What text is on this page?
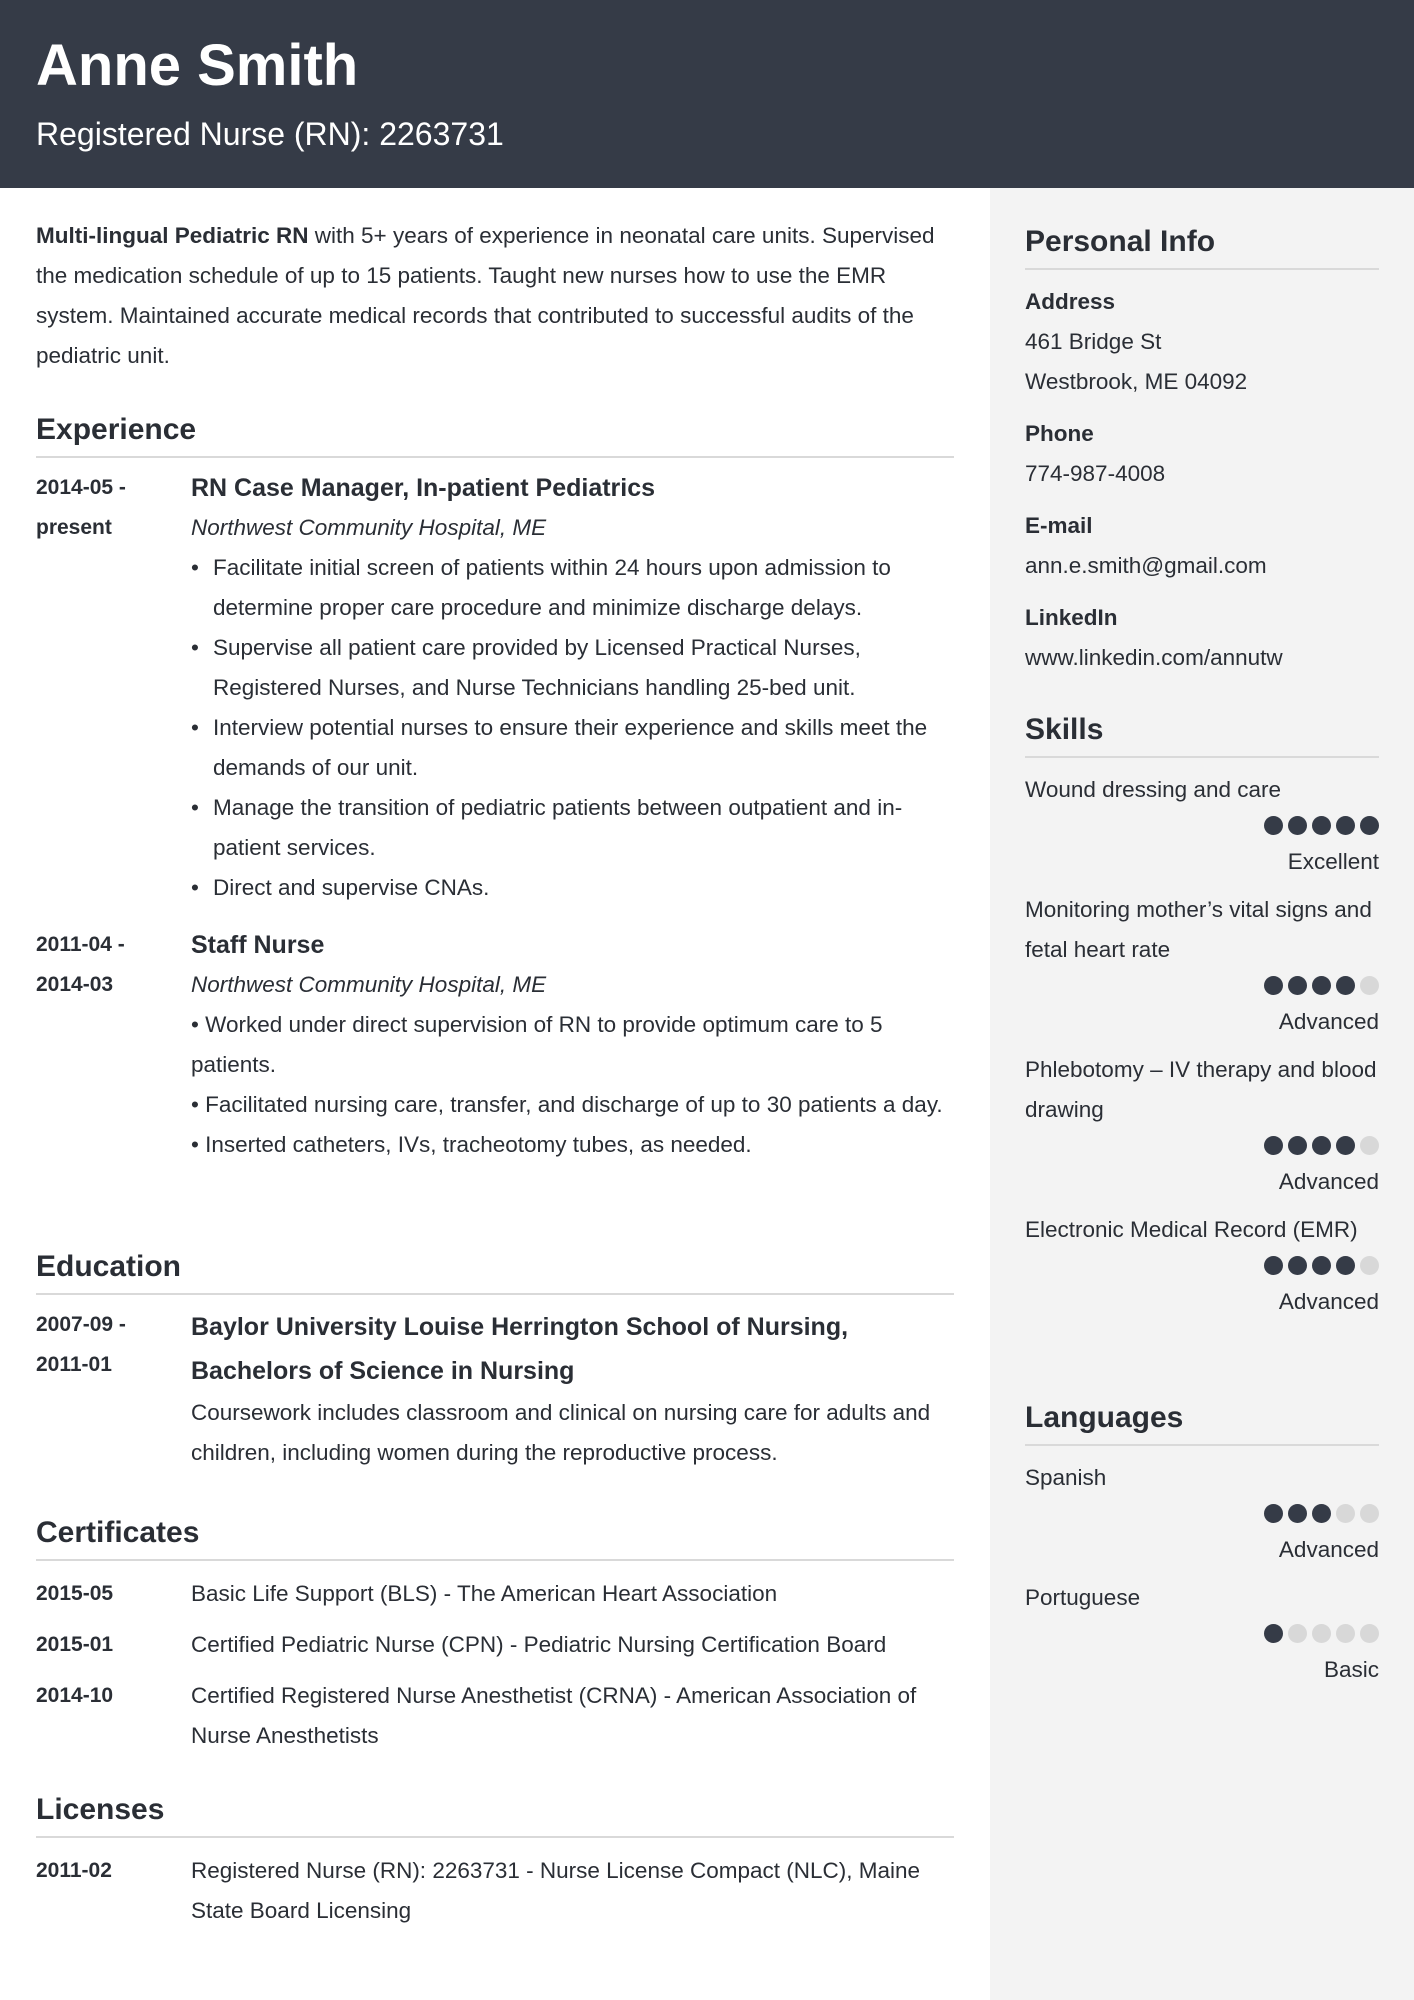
Anne Smith
Registered Nurse (RN): 2263731
Personal Info
Address
461 Bridge St
Westbrook, ME 04092
Phone
774-987-4008
E-mail
ann.e.smith@gmail.com
LinkedIn
www.linkedin.com/annutw
Skills
Wound dressing and care
Excellent
Monitoring mother’s vital signs and fetal heart rate
Advanced
Phlebotomy – IV therapy and blood drawing
Advanced
Electronic Medical Record (EMR)
Advanced
Languages
Spanish
Advanced
Portuguese
Basic
Multi-lingual Pediatric RN with 5+ years of experience in neonatal care units. Supervised the medication schedule of up to 15 patients. Taught new nurses how to use the EMR system. Maintained accurate medical records that contributed to successful audits of the pediatric unit.
Experience
2014-05 - present
RN Case Manager, In-patient Pediatrics
Northwest Community Hospital, ME
• Facilitate initial screen of patients within 24 hours upon admission to determine proper care procedure and minimize discharge delays.
• Supervise all patient care provided by Licensed Practical Nurses, Registered Nurses, and Nurse Technicians handling 25-bed unit.
• Interview potential nurses to ensure their experience and skills meet the demands of our unit.
• Manage the transition of pediatric patients between outpatient and in-patient services.
• Direct and supervise CNAs.
2011-04 - 2014-03
Staff Nurse
Northwest Community Hospital, ME
• Worked under direct supervision of RN to provide optimum care to 5 patients.
• Facilitated nursing care, transfer, and discharge of up to 30 patients a day.
• Inserted catheters, IVs, tracheotomy tubes, as needed.
Education
2007-09 - 2011-01
Baylor University Louise Herrington School of Nursing, Bachelors of Science in Nursing
Coursework includes classroom and clinical on nursing care for adults and children, including women during the reproductive process.
Certificates
2015-05	Basic Life Support (BLS) - The American Heart Association
2015-01	Certified Pediatric Nurse (CPN) - Pediatric Nursing Certification Board
2014-10	Certified Registered Nurse Anesthetist (CRNA) - American Association of Nurse Anesthetists
Licenses
2011-02	Registered Nurse (RN): 2263731 - Nurse License Compact (NLC), Maine State Board Licensing
